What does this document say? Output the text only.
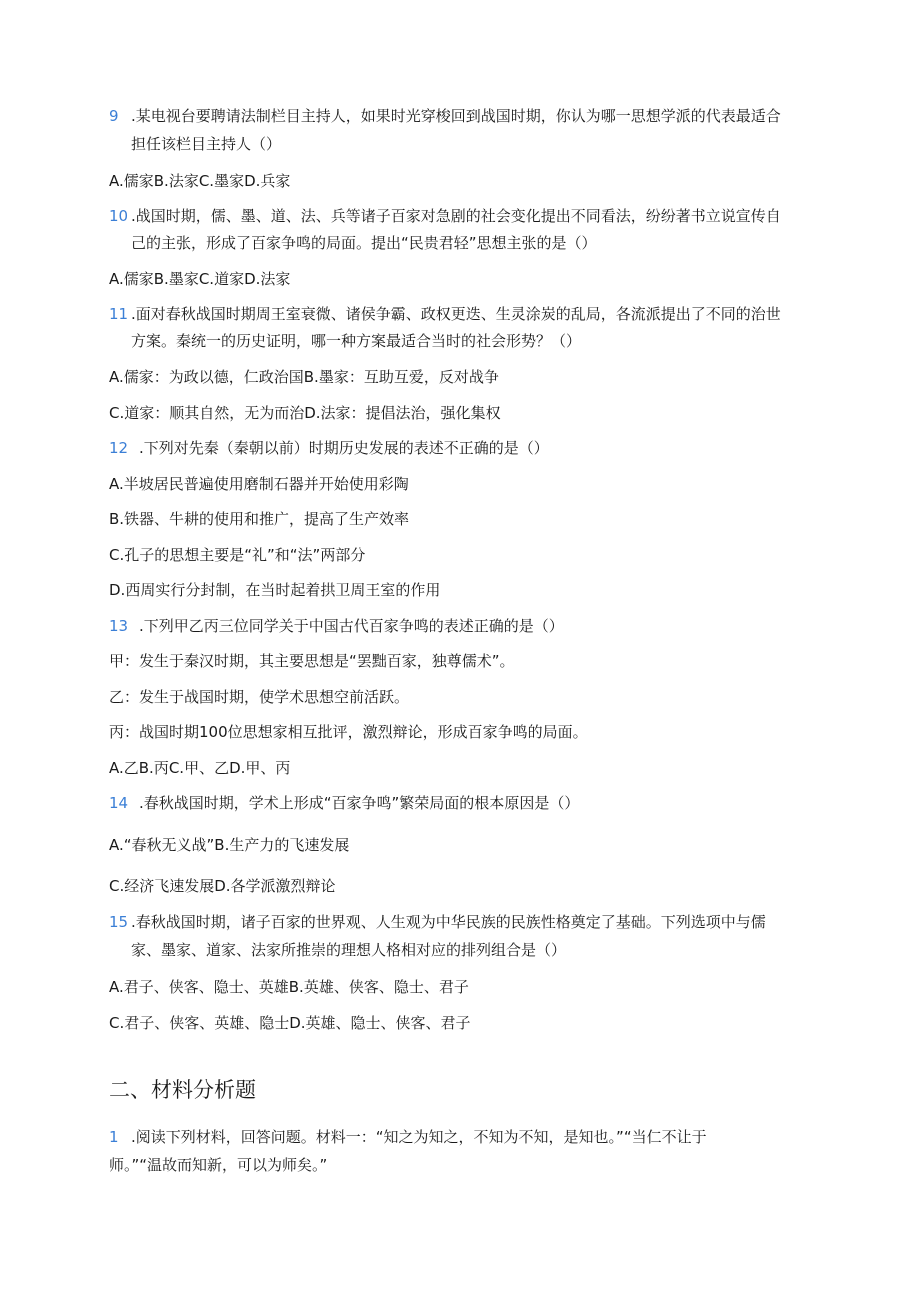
9 .某电视台要聘请法制栏目主持人，如果时光穿梭回到战国时期，你认为哪一思想学派的代表最适合
担任该栏目主持人（）
A.儒家B.法家C.墨家D.兵家
10 .战国时期，儒、墨、道、法、兵等诸子百家对急剧的社会变化提出不同看法，纷纷著书立说宣传自
己的主张，形成了百家争鸣的局面。提出“民贵君轻”思想主张的是（）
A.儒家B.墨家C.道家D.法家
11 .面对春秋战国时期周王室衰微、诸侯争霸、政权更迭、生灵涂炭的乱局，各流派提出了不同的治世
方案。秦统一的历史证明，哪一种方案最适合当时的社会形势？（）
A.儒家：为政以德，仁政治国B.墨家：互助互爱，反对战争
C.道家：顺其自然，无为而治D.法家：提倡法治，强化集权
12 .下列对先秦（秦朝以前）时期历史发展的表述不正确的是（）
A.半坡居民普遍使用磨制石器并开始使用彩陶
B.铁器、牛耕的使用和推广，提高了生产效率
C.孔子的思想主要是“礼”和“法”两部分
D.西周实行分封制，在当时起着拱卫周王室的作用
13 .下列甲乙丙三位同学关于中国古代百家争鸣的表述正确的是（）
甲：发生于秦汉时期，其主要思想是“罢黜百家，独尊儒术”。
乙：发生于战国时期，使学术思想空前活跃。
丙：战国时期100位思想家相互批评，激烈辩论，形成百家争鸣的局面。
A.乙B.丙C.甲、乙D.甲、丙
14 .春秋战国时期，学术上形成“百家争鸣”繁荣局面的根本原因是（）
A.“春秋无义战”B.生产力的飞速发展
C.经济飞速发展D.各学派激烈辩论
15 .春秋战国时期，诸子百家的世界观、人生观为中华民族的民族性格奠定了基础。下列选项中与儒
家、墨家、道家、法家所推崇的理想人格相对应的排列组合是（）
A.君子、侠客、隐士、英雄B.英雄、侠客、隐士、君子
C.君子、侠客、英雄、隐士D.英雄、隐士、侠客、君子
二、材料分析题
1 .阅读下列材料，回答问题。材料一：“知之为知之，不知为不知，是知也。”“当仁不让于
师。”“温故而知新，可以为师矣。”
